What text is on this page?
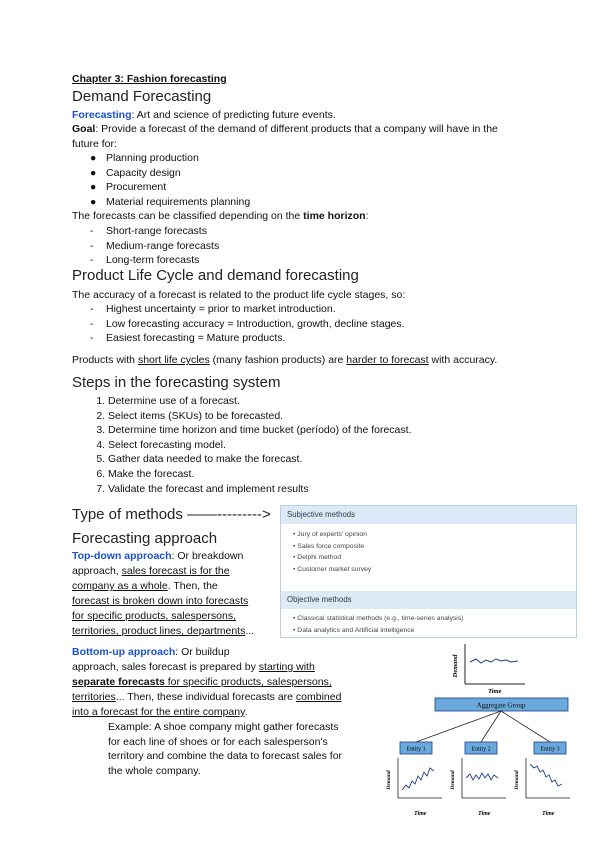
Chapter 3: Fashion forecasting
Demand Forecasting
Forecasting: Art and science of predicting future events.
Goal: Provide a forecast of the demand of different products that a company will have in the
future for:
● Planning production
● Capacity design
● Procurement
● Material requirements planning
The forecasts can be classified depending on the time horizon:
- Short-range forecasts
- Medium-range forecasts
- Long-term forecasts
Product Life Cycle and demand forecasting
The accuracy of a forecast is related to the product life cycle stages, so:
- Highest uncertainty = prior to market introduction.
- Low forecasting accuracy = Introduction, growth, decline stages.
- Easiest forecasting = Mature products.
Products with short life cycles (many fashion products) are harder to forecast with accuracy.
Steps in the forecasting system
1. Determine use of a forecast.
2. Select items (SKUs) to be forecasted.
3. Determine time horizon and time bucket (período) of the forecast.
4. Select forecasting model.
5. Gather data needed to make the forecast.
6. Make the forecast.
7. Validate the forecast and implement results
Type of methods ——--------->	Subjective methods
• Jury of experts' opinion
• Sales force composite
• Delphi method
• Customer market survey
Objective methods
• Classical statistical methods (e.g., time-series analysis)
• Data analytics and Artificial intelligence
Forecasting approach
Top-down approach: Or breakdown
approach, sales forecast is for the
company as a whole. Then, the
forecast is broken down into forecasts
for specific products, salespersons,
territories, product lines, departments...
Bottom-up approach: Or buildup
approach, sales forecast is prepared by starting with
separate forecasts for specific products, salespersons,
territories... Then, these individual forecasts are combined
into a forecast for the entire company.
Example: A shoe company might gather forecasts
for each line of shoes or for each salesperson's
territory and combine the data to forecast sales for
the whole company.
Demand
Time
Aggregate Group
Entity 1	Entity 2	Entity 3
Demand
Time
Demand
Time
Demand
Time
